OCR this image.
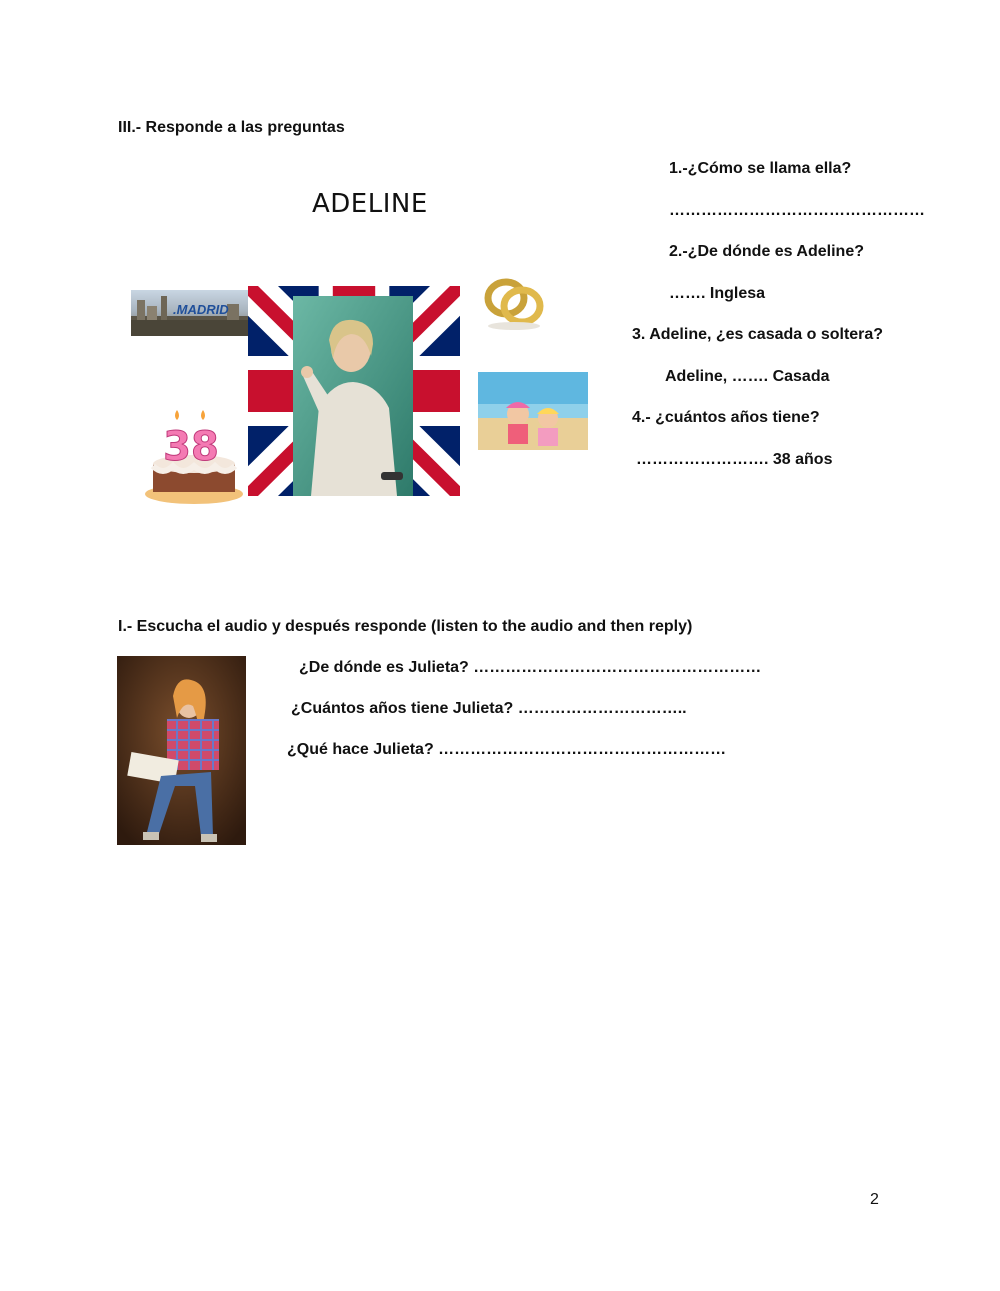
III.- Responde a las preguntas
ADELINE
.MADRID
38
1.-¿Cómo se llama ella?
…………………………………………
2.-¿De dónde es Adeline?
……. Inglesa
3. Adeline, ¿es casada o soltera?
Adeline, ……. Casada
4.- ¿cuántos años tiene?
……………………. 38 años
I.- Escucha el audio y después responde (listen to the audio and then reply)
¿De dónde es Julieta? ………………………………………………
¿Cuántos años tiene Julieta? …………………………..
¿Qué hace Julieta? ………………………………………………
2
